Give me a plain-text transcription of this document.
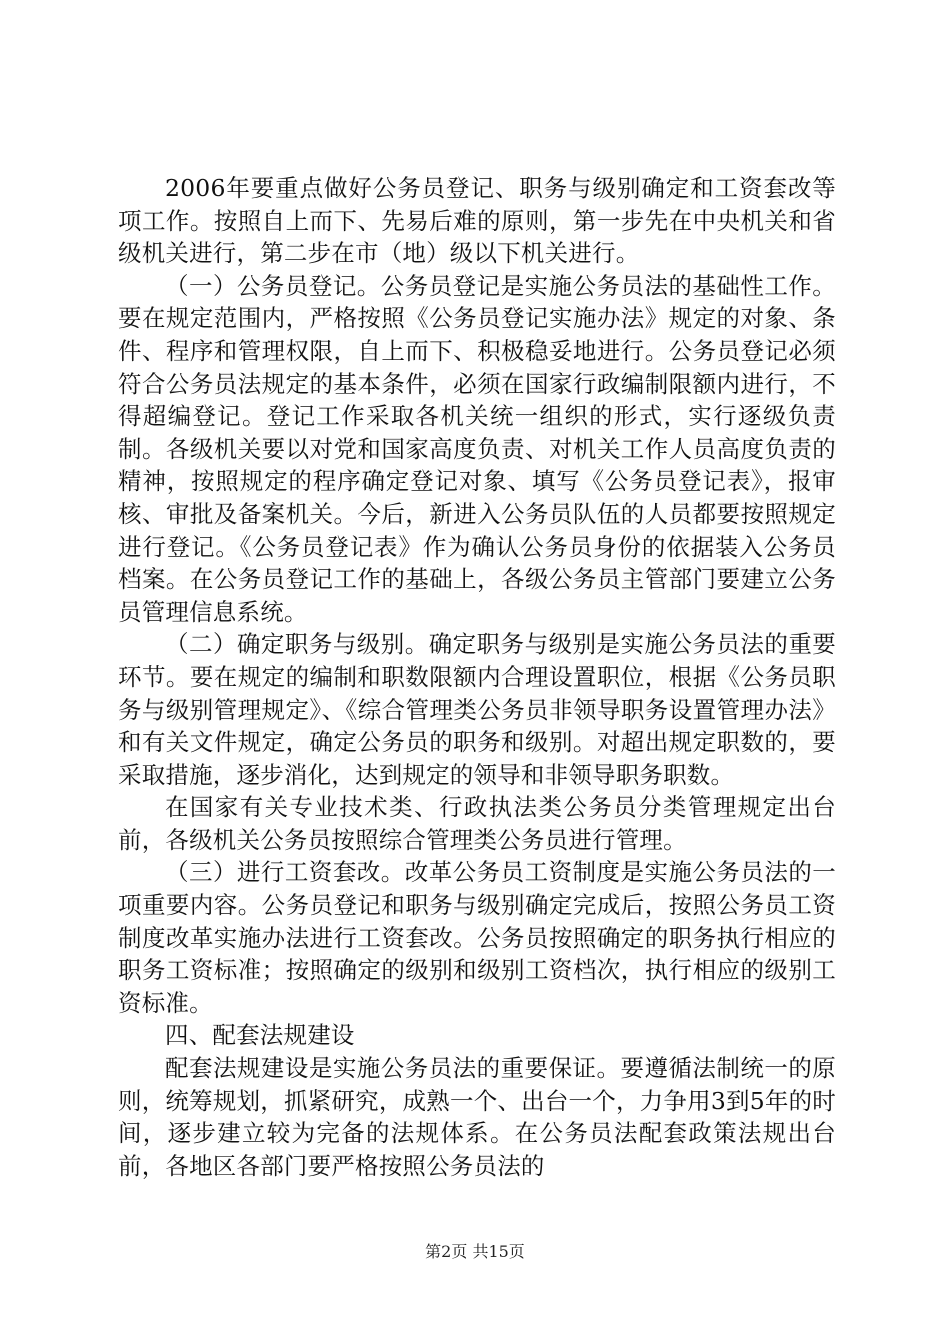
2006年要重点做好公务员登记、职务与级别确定和工资套改等项工作。按照自上而下、先易后难的原则，第一步先在中央机关和省级机关进行，第二步在市（地）级以下机关进行。

（一）公务员登记。公务员登记是实施公务员法的基础性工作。要在规定范围内，严格按照《公务员登记实施办法》规定的对象、条件、程序和管理权限，自上而下、积极稳妥地进行。公务员登记必须符合公务员法规定的基本条件，必须在国家行政编制限额内进行，不得超编登记。登记工作采取各机关统一组织的形式，实行逐级负责制。各级机关要以对党和国家高度负责、对机关工作人员高度负责的精神，按照规定的程序确定登记对象、填写《公务员登记表》，报审核、审批及备案机关。今后，新进入公务员队伍的人员都要按照规定进行登记。《公务员登记表》作为确认公务员身份的依据装入公务员档案。在公务员登记工作的基础上，各级公务员主管部门要建立公务员管理信息系统。

（二）确定职务与级别。确定职务与级别是实施公务员法的重要环节。要在规定的编制和职数限额内合理设置职位，根据《公务员职务与级别管理规定》、《综合管理类公务员非领导职务设置管理办法》和有关文件规定，确定公务员的职务和级别。对超出规定职数的，要采取措施，逐步消化，达到规定的领导和非领导职务职数。

在国家有关专业技术类、行政执法类公务员分类管理规定出台前，各级机关公务员按照综合管理类公务员进行管理。

（三）进行工资套改。改革公务员工资制度是实施公务员法的一项重要内容。公务员登记和职务与级别确定完成后，按照公务员工资制度改革实施办法进行工资套改。公务员按照确定的职务执行相应的职务工资标准；按照确定的级别和级别工资档次，执行相应的级别工资标准。

四、配套法规建设

配套法规建设是实施公务员法的重要保证。要遵循法制统一的原则，统筹规划，抓紧研究，成熟一个、出台一个，力争用3到5年的时间，逐步建立较为完备的法规体系。在公务员法配套政策法规出台前，各地区各部门要严格按照公务员法的

第2页 共15页
